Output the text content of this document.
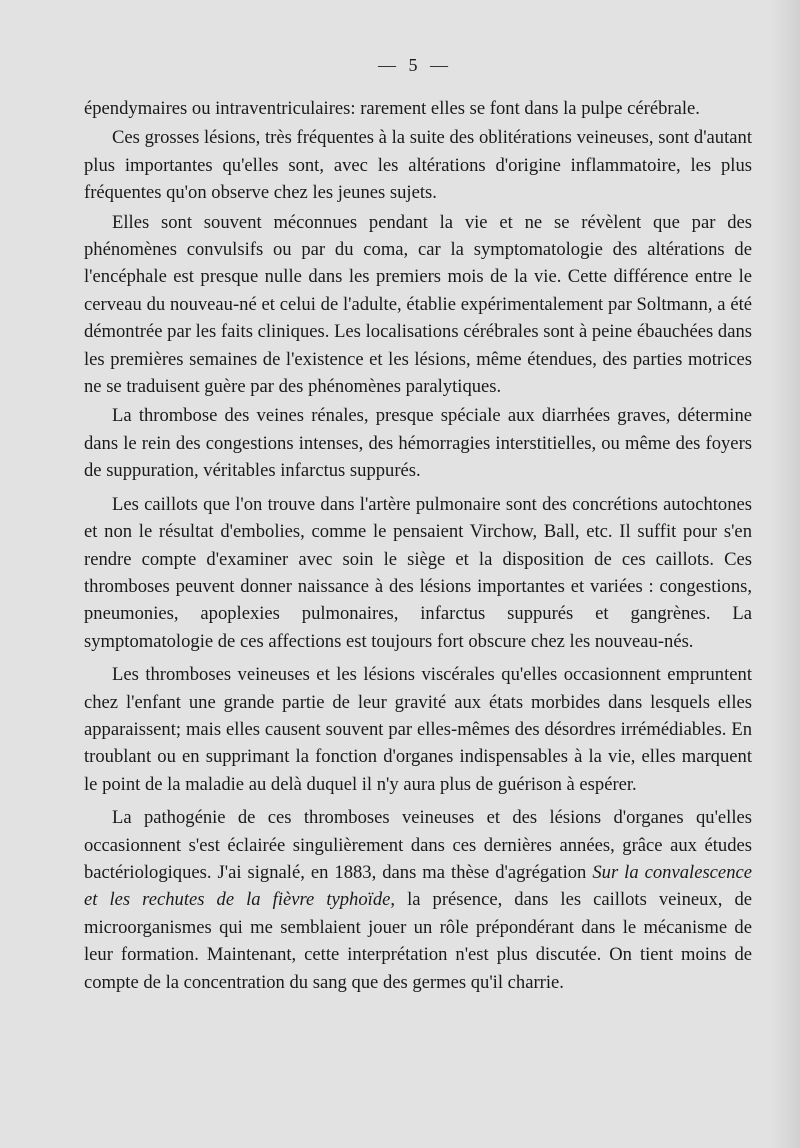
— 5 —

épendymaires ou intraventriculaires: rarement elles se font dans la pulpe cérébrale.

Ces grosses lésions, très fréquentes à la suite des oblitérations veineuses, sont d'autant plus importantes qu'elles sont, avec les altérations d'origine inflammatoire, les plus fréquentes qu'on observe chez les jeunes sujets.

Elles sont souvent méconnues pendant la vie et ne se révèlent que par des phénomènes convulsifs ou par du coma, car la symptomatologie des altérations de l'encéphale est presque nulle dans les premiers mois de la vie. Cette différence entre le cerveau du nouveau-né et celui de l'adulte, établie expérimentalement par Soltmann, a été démontrée par les faits cliniques. Les localisations cérébrales sont à peine ébauchées dans les premières semaines de l'existence et les lésions, même étendues, des parties motrices ne se traduisent guère par des phénomènes paralytiques.

La thrombose des veines rénales, presque spéciale aux diarrhées graves, détermine dans le rein des congestions intenses, des hémorragies interstitielles, ou même des foyers de suppuration, véritables infarctus suppurés.

Les caillots que l'on trouve dans l'artère pulmonaire sont des concrétions autochtones et non le résultat d'embolies, comme le pensaient Virchow, Ball, etc. Il suffit pour s'en rendre compte d'examiner avec soin le siège et la disposition de ces caillots. Ces thromboses peuvent donner naissance à des lésions importantes et variées : congestions, pneumonies, apoplexies pulmonaires, infarctus suppurés et gangrènes. La symptomatologie de ces affections est toujours fort obscure chez les nouveau-nés.

Les thromboses veineuses et les lésions viscérales qu'elles occasionnent empruntent chez l'enfant une grande partie de leur gravité aux états morbides dans lesquels elles apparaissent; mais elles causent souvent par elles-mêmes des désordres irrémédiables. En troublant ou en supprimant la fonction d'organes indispensables à la vie, elles marquent le point de la maladie au delà duquel il n'y aura plus de guérison à espérer.

La pathogénie de ces thromboses veineuses et des lésions d'organes qu'elles occasionnent s'est éclairée singulièrement dans ces dernières années, grâce aux études bactériologiques. J'ai signalé, en 1883, dans ma thèse d'agrégation Sur la convalescence et les rechutes de la fièvre typhoïde, la présence, dans les caillots veineux, de microorganismes qui me semblaient jouer un rôle prépondérant dans le mécanisme de leur formation. Maintenant, cette interprétation n'est plus discutée. On tient moins de compte de la concentration du sang que des germes qu'il charrie.
